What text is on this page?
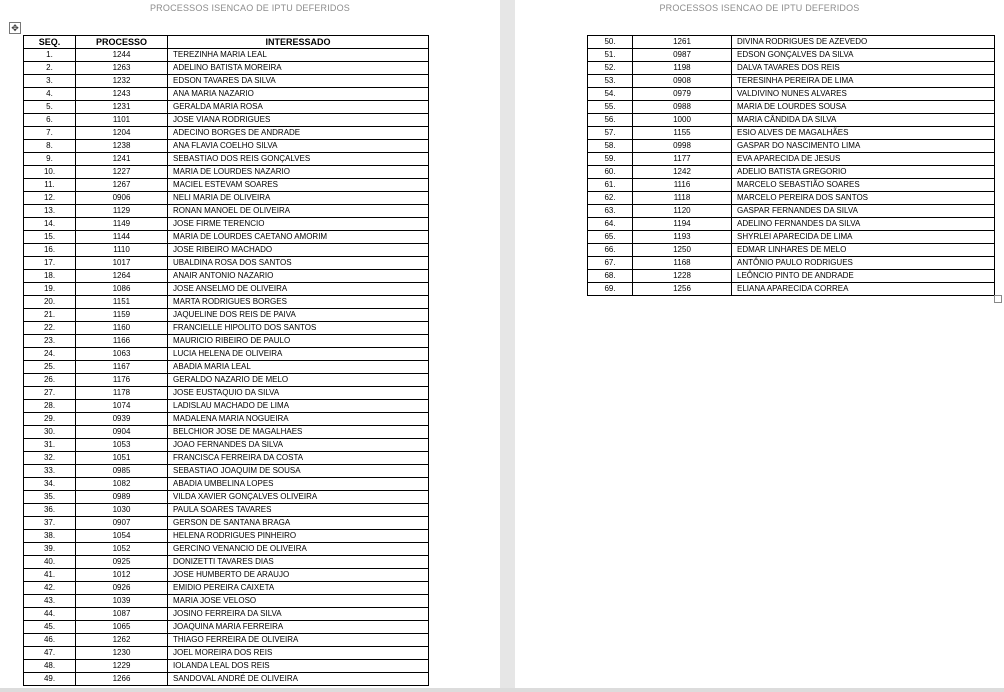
PROCESSOS ISENCAO DE IPTU DEFERIDOS
✥
SEQ.	PROCESSO	INTERESSADO
1.	1244	TEREZINHA MARIA LEAL
2.	1263	ADELINO BATISTA MOREIRA
3.	1232	EDSON TAVARES DA SILVA
4.	1243	ANA MARIA NAZARIO
5.	1231	GERALDA MARIA ROSA
6.	1101	JOSE VIANA RODRIGUES
7.	1204	ADECINO BORGES DE ANDRADE
8.	1238	ANA FLAVIA COELHO SILVA
9.	1241	SEBASTIAO DOS REIS GONÇALVES
10.	1227	MARIA DE LOURDES NAZARIO
11.	1267	MACIEL ESTEVAM SOARES
12.	0906	NELI MARIA DE OLIVEIRA
13.	1129	RONAN MANOEL DE OLIVEIRA
14.	1149	JOSE FIRME TERENCIO
15.	1144	MARIA DE LOURDES CAETANO AMORIM
16.	1110	JOSE RIBEIRO MACHADO
17.	1017	UBALDINA ROSA DOS SANTOS
18.	1264	ANAIR ANTONIO NAZARIO
19.	1086	JOSE ANSELMO DE OLIVEIRA
20.	1151	MARTA RODRIGUES BORGES
21.	1159	JAQUELINE DOS REIS DE PAIVA
22.	1160	FRANCIELLE HIPOLITO DOS SANTOS
23.	1166	MAURICIO RIBEIRO DE PAULO
24.	1063	LUCIA HELENA DE OLIVEIRA
25.	1167	ABADIA MARIA LEAL
26.	1176	GERALDO NAZARIO DE MELO
27.	1178	JOSE EUSTAQUIO DA SILVA
28.	1074	LADISLAU MACHADO DE LIMA
29.	0939	MADALENA MARIA NOGUEIRA
30.	0904	BELCHIOR JOSE DE MAGALHAES
31.	1053	JOAO FERNANDES DA SILVA
32.	1051	FRANCISCA FERREIRA DA COSTA
33.	0985	SEBASTIAO JOAQUIM DE SOUSA
34.	1082	ABADIA UMBELINA LOPES
35.	0989	VILDA XAVIER GONÇALVES OLIVEIRA
36.	1030	PAULA SOARES TAVARES
37.	0907	GERSON DE SANTANA BRAGA
38.	1054	HELENA RODRIGUES PINHEIRO
39.	1052	GERCINO VENANCIO DE OLIVEIRA
40.	0925	DONIZETTI TAVARES DIAS
41.	1012	JOSE HUMBERTO DE ARAUJO
42.	0926	EMIDIO PEREIRA CAIXETA
43.	1039	MARIA JOSE VELOSO
44.	1087	JOSINO FERREIRA DA SILVA
45.	1065	JOAQUINA MARIA FERREIRA
46.	1262	THIAGO FERREIRA DE OLIVEIRA
47.	1230	JOEL MOREIRA DOS REIS
48.	1229	IOLANDA LEAL DOS REIS
49.	1266	SANDOVAL ANDRÉ DE OLIVEIRA
PROCESSOS ISENCAO DE IPTU DEFERIDOS
50.	1261	DIVINA RODRIGUES DE AZEVEDO
51.	0987	EDSON GONÇALVES DA SILVA
52.	1198	DALVA TAVARES DOS REIS
53.	0908	TERESINHA PEREIRA DE LIMA
54.	0979	VALDIVINO NUNES ALVARES
55.	0988	MARIA DE LOURDES SOUSA
56.	1000	MARIA CÂNDIDA DA SILVA
57.	1155	ESIO ALVES DE MAGALHÃES
58.	0998	GASPAR DO NASCIMENTO LIMA
59.	1177	EVA APARECIDA DE JESUS
60.	1242	ADELIO BATISTA GREGORIO
61.	1116	MARCELO SEBASTIÃO SOARES
62.	1118	MARCELO PEREIRA DOS SANTOS
63.	1120	GASPAR FERNANDES DA SILVA
64.	1194	ADELINO FERNANDES DA SILVA
65.	1193	SHYRLEI APARECIDA DE LIMA
66.	1250	EDMAR LINHARES DE MELO
67.	1168	ANTÔNIO PAULO RODRIGUES
68.	1228	LEÔNCIO PINTO DE ANDRADE
69.	1256	ELIANA APARECIDA CORREA
